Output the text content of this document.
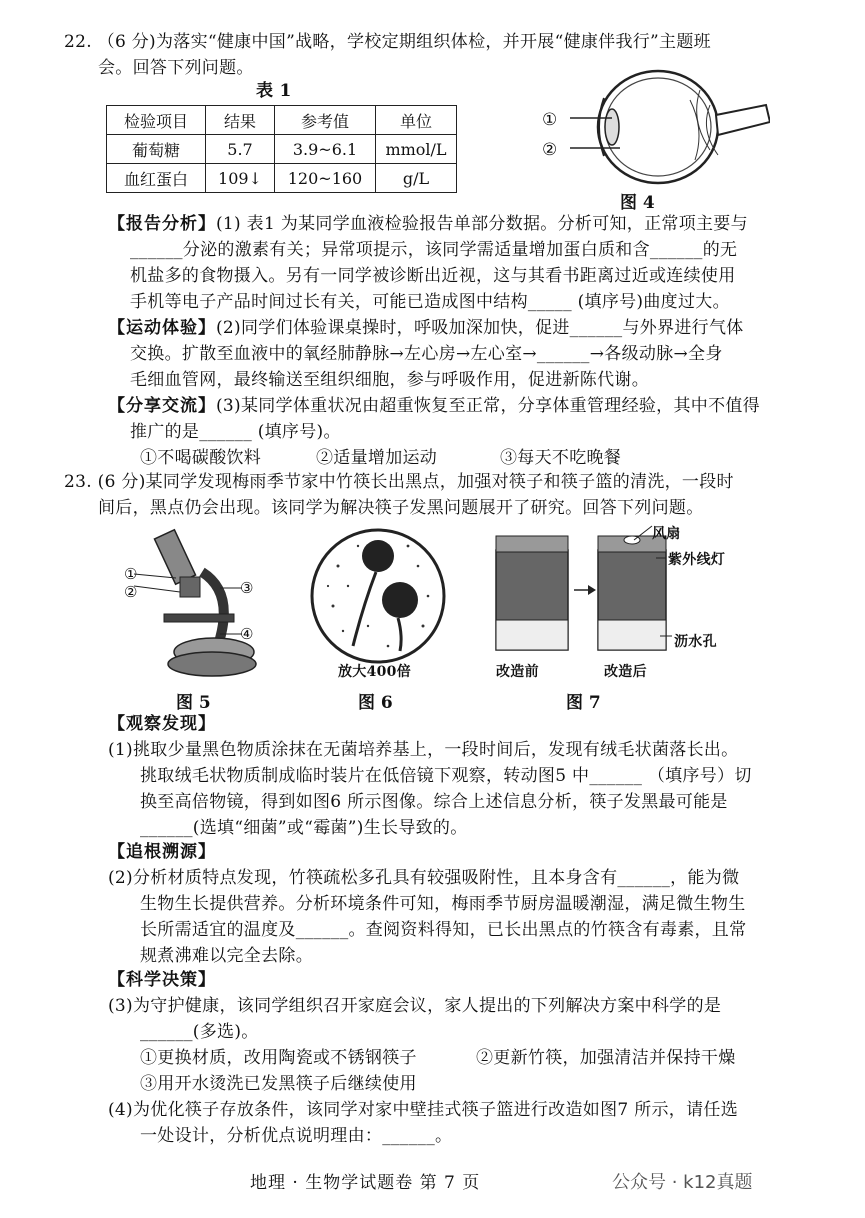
22. （6 分)为落实“健康中国”战略，学校定期组织体检，并开展“健康伴我行”主题班
会。回答下列问题。
表 1
检验项目	结果	参考值	单位
葡萄糖	5.7	3.9~6.1	mmol/L
血红蛋白	109↓	120~160	g/L
①
②
图 4
【报告分析】(1) 表1 为某同学血液检验报告单部分数据。分析可知，正常项主要与
______分泌的激素有关；异常项提示，该同学需适量增加蛋白质和含______的无
机盐多的食物摄入。另有一同学被诊断出近视，这与其看书距离过近或连续使用
手机等电子产品时间过长有关，可能已造成图中结构_____ (填序号)曲度过大。
【运动体验】(2)同学们体验课桌操时，呼吸加深加快，促进______与外界进行气体
交换。扩散至血液中的氧经肺静脉→左心房→左心室→______→各级动脉→全身
毛细血管网，最终输送至组织细胞，参与呼吸作用，促进新陈代谢。
【分享交流】(3)某同学体重状况由超重恢复至正常，分享体重管理经验，其中不值得
推广的是______ (填序号)。
①不喝碳酸饮料	②适量增加运动	③每天不吃晚餐
23. (6 分)某同学发现梅雨季节家中竹筷长出黑点，加强对筷子和筷子篮的清洗，一段时
间后，黑点仍会出现。该同学为解决筷子发黑问题展开了研究。回答下列问题。
①
②	③
④
图 5
放大400倍
图 6
风扇
紫外线灯
沥水孔
改造前	改造后
图 7
【观察发现】
(1)挑取少量黑色物质涂抹在无菌培养基上，一段时间后，发现有绒毛状菌落长出。
挑取绒毛状物质制成临时装片在低倍镜下观察，转动图5 中______ （填序号）切
换至高倍物镜，得到如图6 所示图像。综合上述信息分析，筷子发黑最可能是
______(选填“细菌”或“霉菌”)生长导致的。
【追根溯源】
(2)分析材质特点发现，竹筷疏松多孔具有较强吸附性，且本身含有______，能为微
生物生长提供营养。分析环境条件可知，梅雨季节厨房温暖潮湿，满足微生物生
长所需适宜的温度及______。查阅资料得知，已长出黑点的竹筷含有毒素，且常
规煮沸难以完全去除。
【科学决策】
(3)为守护健康，该同学组织召开家庭会议，家人提出的下列解决方案中科学的是
______(多选)。
①更换材质，改用陶瓷或不锈钢筷子	②更新竹筷，加强清洁并保持干燥
③用开水烫洗已发黑筷子后继续使用
(4)为优化筷子存放条件，该同学对家中壁挂式筷子篮进行改造如图7 所示，请任选
一处设计，分析优点说明理由：______。
地理 · 生物学试题卷 第 7 页	公众号 · k12真题
